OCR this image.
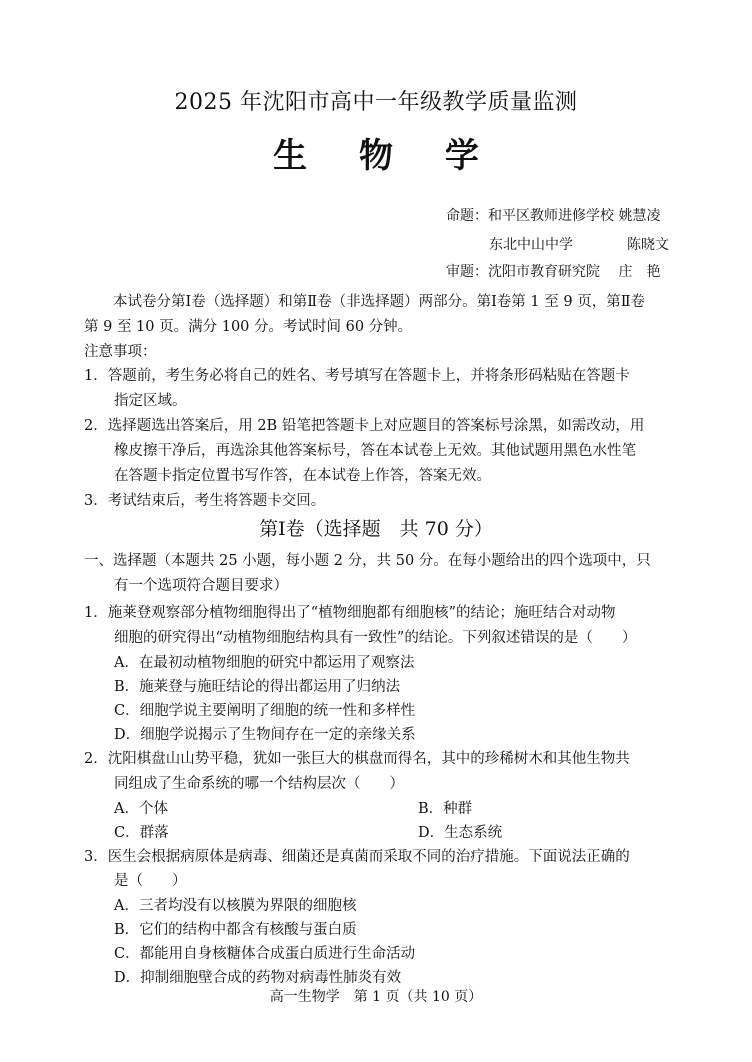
2025 年沈阳市高中一年级教学质量监测
生 物 学
命题：和平区教师进修学校 姚慧凌
东北中山中学	陈晓文
审题：沈阳市教育研究院　 庄　艳
本试卷分第Ⅰ卷（选择题）和第Ⅱ卷（非选择题）两部分。第Ⅰ卷第 1 至 9 页，第Ⅱ卷
第 9 至 10 页。满分 100 分。考试时间 60 分钟。
注意事项：
1．答题前，考生务必将自己的姓名、考号填写在答题卡上，并将条形码粘贴在答题卡
指定区域。
2．选择题选出答案后，用 2B 铅笔把答题卡上对应题目的答案标号涂黑，如需改动，用
橡皮擦干净后，再选涂其他答案标号，答在本试卷上无效。其他试题用黑色水性笔
在答题卡指定位置书写作答，在本试卷上作答，答案无效。
3．考试结束后，考生将答题卡交回。
第Ⅰ卷（选择题　共 70 分）
一、选择题（本题共 25 小题，每小题 2 分，共 50 分。在每小题给出的四个选项中，只
有一个选项符合题目要求）
1．施莱登观察部分植物细胞得出了“植物细胞都有细胞核”的结论；施旺结合对动物
细胞的研究得出“动植物细胞结构具有一致性”的结论。下列叙述错误的是（　　）
A．在最初动植物细胞的研究中都运用了观察法
B．施莱登与施旺结论的得出都运用了归纳法
C．细胞学说主要阐明了细胞的统一性和多样性
D．细胞学说揭示了生物间存在一定的亲缘关系
2．沈阳棋盘山山势平稳，犹如一张巨大的棋盘而得名，其中的珍稀树木和其他生物共
同组成了生命系统的哪一个结构层次（　　）
A．个体	B．种群
C．群落	D．生态系统
3．医生会根据病原体是病毒、细菌还是真菌而采取不同的治疗措施。下面说法正确的
是（　　）
A．三者均没有以核膜为界限的细胞核
B．它们的结构中都含有核酸与蛋白质
C．都能用自身核糖体合成蛋白质进行生命活动
D．抑制细胞壁合成的药物对病毒性肺炎有效
高一生物学　第 1 页（共 10 页）
